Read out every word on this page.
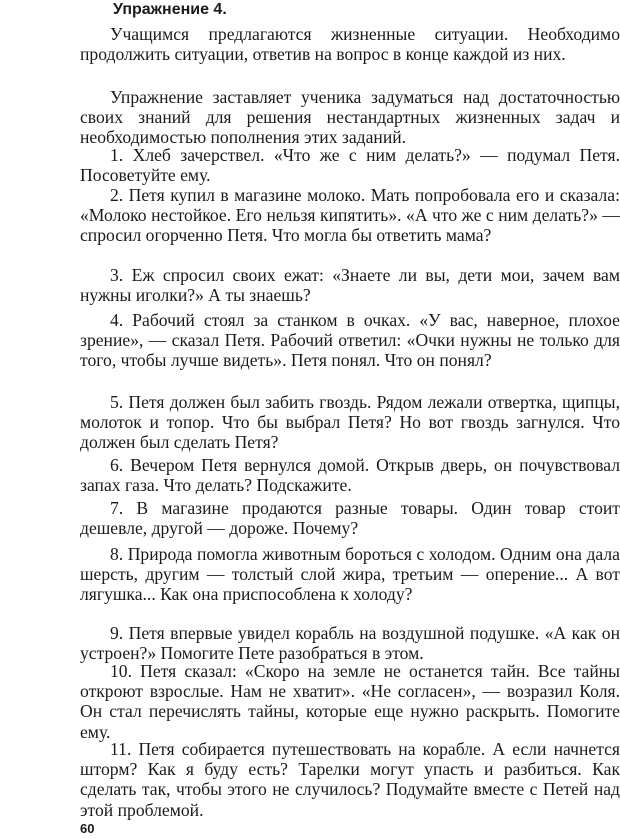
Упражнение 4.

Учащимся предлагаются жизненные ситуации. Необходимо продолжить ситуации, ответив на вопрос в конце каждой из них.

Упражнение заставляет ученика задуматься над достаточностью своих знаний для решения нестандартных жизненных задач и необходимостью пополнения этих заданий.

1. Хлеб зачерствел. «Что же с ним делать?» — подумал Петя. Посоветуйте ему.

2. Петя купил в магазине молоко. Мать попробовала его и сказала: «Молоко нестойкое. Его нельзя кипятить». «А что же с ним делать?» — спросил огорченно Петя. Что могла бы ответить мама?

3. Еж спросил своих ежат: «Знаете ли вы, дети мои, зачем вам нужны иголки?» А ты знаешь?

4. Рабочий стоял за станком в очках. «У вас, наверное, плохое зрение», — сказал Петя. Рабочий ответил: «Очки нужны не только для того, чтобы лучше видеть». Петя понял. Что он понял?

5. Петя должен был забить гвоздь. Рядом лежали отвертка, щипцы, молоток и топор. Что бы выбрал Петя? Но вот гвоздь загнулся. Что должен был сделать Петя?

6. Вечером Петя вернулся домой. Открыв дверь, он почувствовал запах газа. Что делать? Подскажите.

7. В магазине продаются разные товары. Один товар стоит дешевле, другой — дороже. Почему?

8. Природа помогла животным бороться с холодом. Одним она дала шерсть, другим — толстый слой жира, третьим — оперение... А вот лягушка... Как она приспособлена к холоду?

9. Петя впервые увидел корабль на воздушной подушке. «А как он устроен?» Помогите Пете разобраться в этом.

10. Петя сказал: «Скоро на земле не останется тайн. Все тайны откроют взрослые. Нам не хватит». «Не согласен», — возразил Коля. Он стал перечислять тайны, которые еще нужно раскрыть. Помогите ему.

11. Петя собирается путешествовать на корабле. А если начнется шторм? Как я буду есть? Тарелки могут упасть и разбиться. Как сделать так, чтобы этого не случилось? Подумайте вместе с Петей над этой проблемой.

60
